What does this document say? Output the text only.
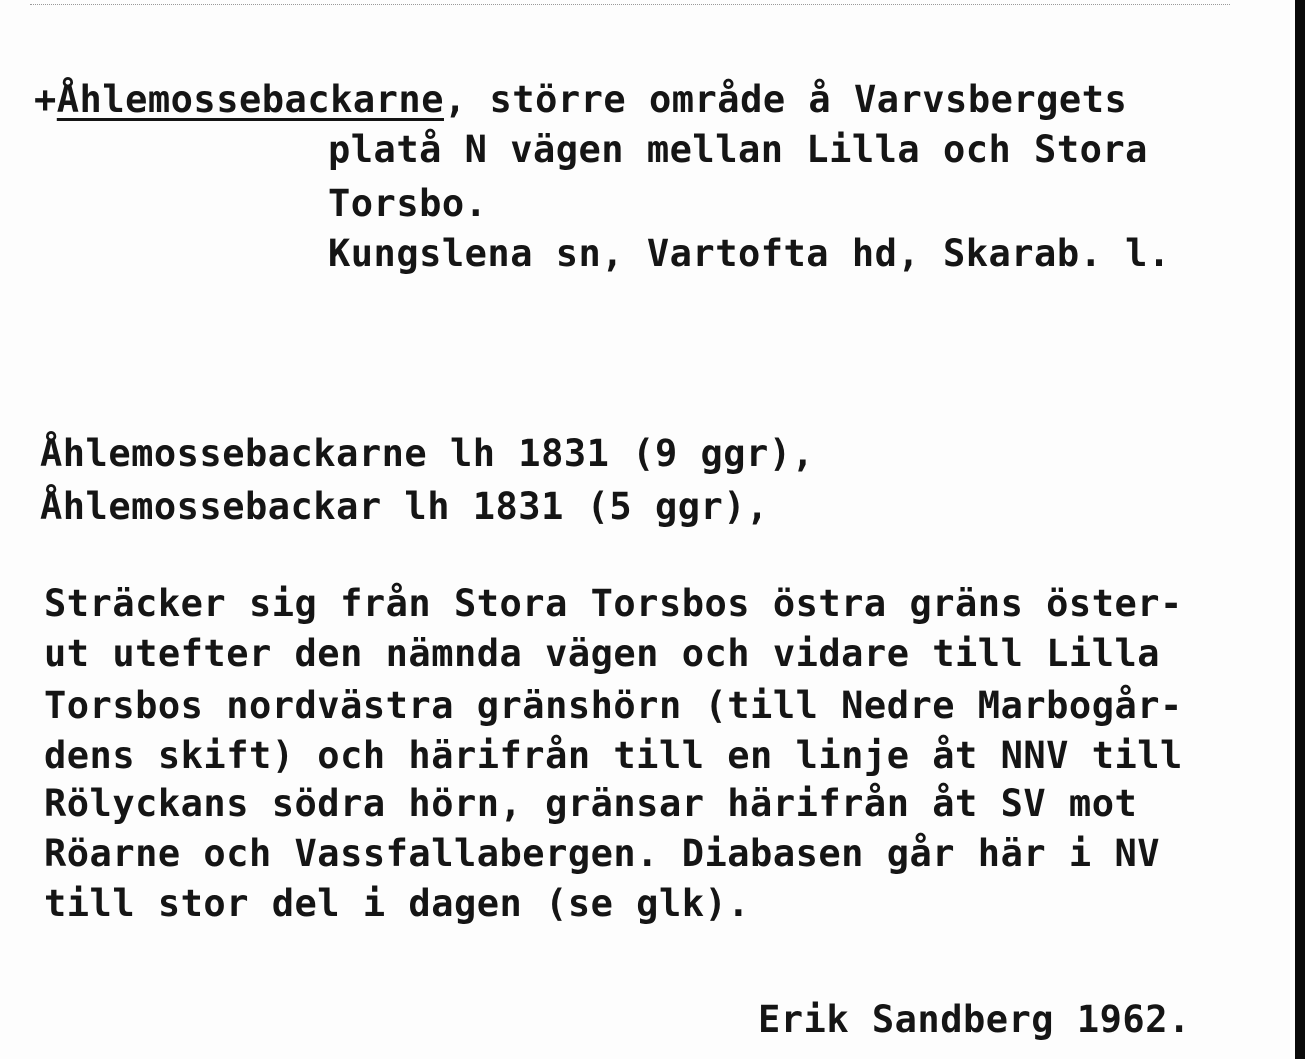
+Åhlemossebackarne, större område å Varvsbergets
platå N vägen mellan Lilla och Stora
Torsbo.
Kungslena sn, Vartofta hd, Skarab. l.
Åhlemossebackarne lh 1831 (9 ggr),
Åhlemossebackar lh 1831 (5 ggr),
Sträcker sig från Stora Torsbos östra gräns öster-
ut utefter den nämnda vägen och vidare till Lilla
Torsbos nordvästra gränshörn (till Nedre Marbogår-
dens skift) och härifrån till en linje åt NNV till
Rölyckans södra hörn, gränsar härifrån åt SV mot
Röarne och Vassfallabergen. Diabasen går här i NV
till stor del i dagen (se glk).
Erik Sandberg 1962.
